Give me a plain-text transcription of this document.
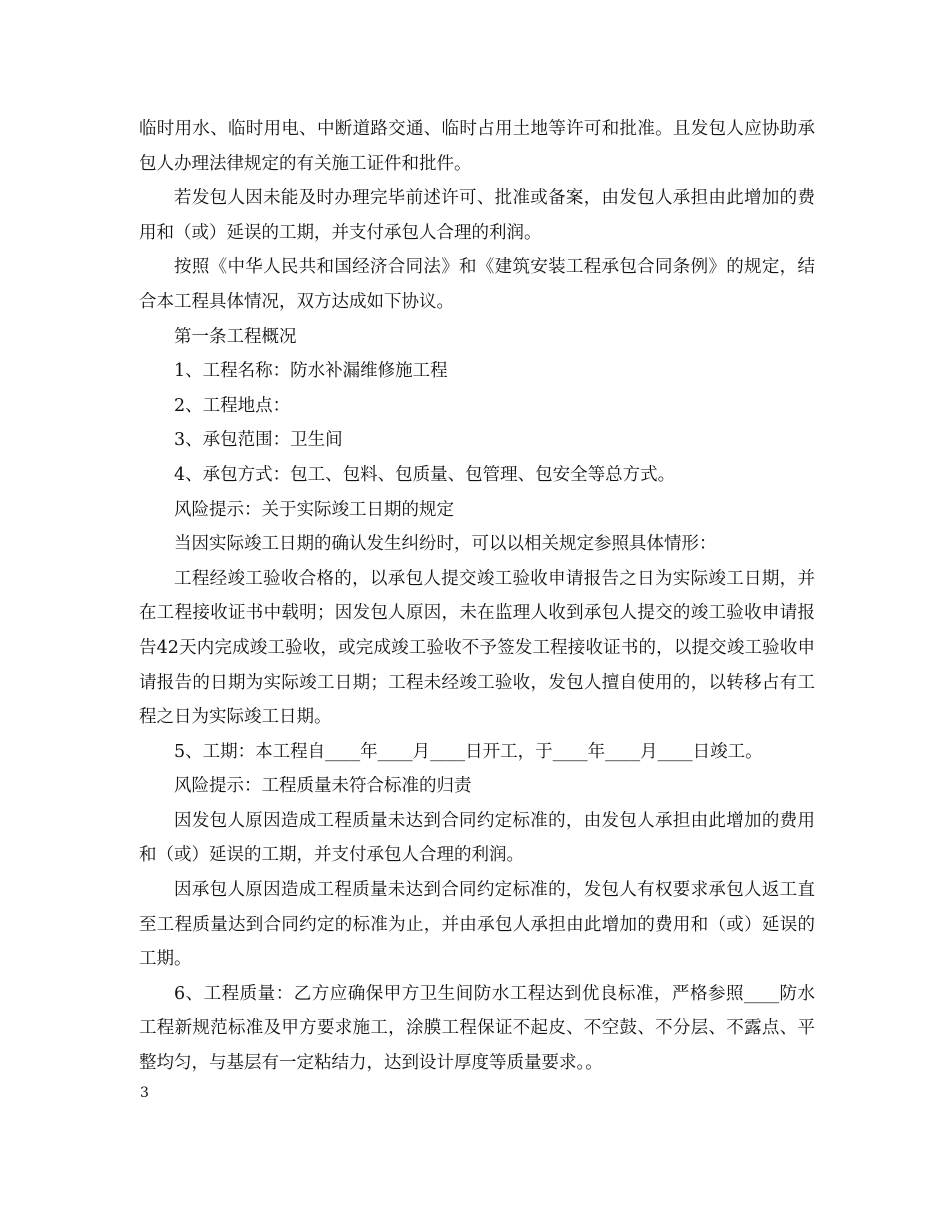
临时用水、临时用电、中断道路交通、临时占用土地等许可和批准。且发包人应协助承包人办理法律规定的有关施工证件和批件。

若发包人因未能及时办理完毕前述许可、批准或备案，由发包人承担由此增加的费用和（或）延误的工期，并支付承包人合理的利润。

按照《中华人民共和国经济合同法》和《建筑安装工程承包合同条例》的规定，结合本工程具体情况，双方达成如下协议。

第一条工程概况

1、工程名称：防水补漏维修施工程

2、工程地点：

3、承包范围：卫生间

4、承包方式：包工、包料、包质量、包管理、包安全等总方式。

风险提示：关于实际竣工日期的规定

当因实际竣工日期的确认发生纠纷时，可以以相关规定参照具体情形：

工程经竣工验收合格的，以承包人提交竣工验收申请报告之日为实际竣工日期，并在工程接收证书中载明；因发包人原因，未在监理人收到承包人提交的竣工验收申请报告42天内完成竣工验收，或完成竣工验收不予签发工程接收证书的，以提交竣工验收申请报告的日期为实际竣工日期；工程未经竣工验收，发包人擅自使用的，以转移占有工程之日为实际竣工日期。

5、工期：本工程自____年____月____日开工，于____年____月____日竣工。

风险提示：工程质量未符合标准的归责

因发包人原因造成工程质量未达到合同约定标准的，由发包人承担由此增加的费用和（或）延误的工期，并支付承包人合理的利润。

因承包人原因造成工程质量未达到合同约定标准的，发包人有权要求承包人返工直至工程质量达到合同约定的标准为止，并由承包人承担由此增加的费用和（或）延误的工期。

6、工程质量：乙方应确保甲方卫生间防水工程达到优良标准，严格参照____防水工程新规范标准及甲方要求施工，涂膜工程保证不起皮、不空鼓、不分层、不露点、平整均匀，与基层有一定粘结力，达到设计厚度等质量要求。。

3
